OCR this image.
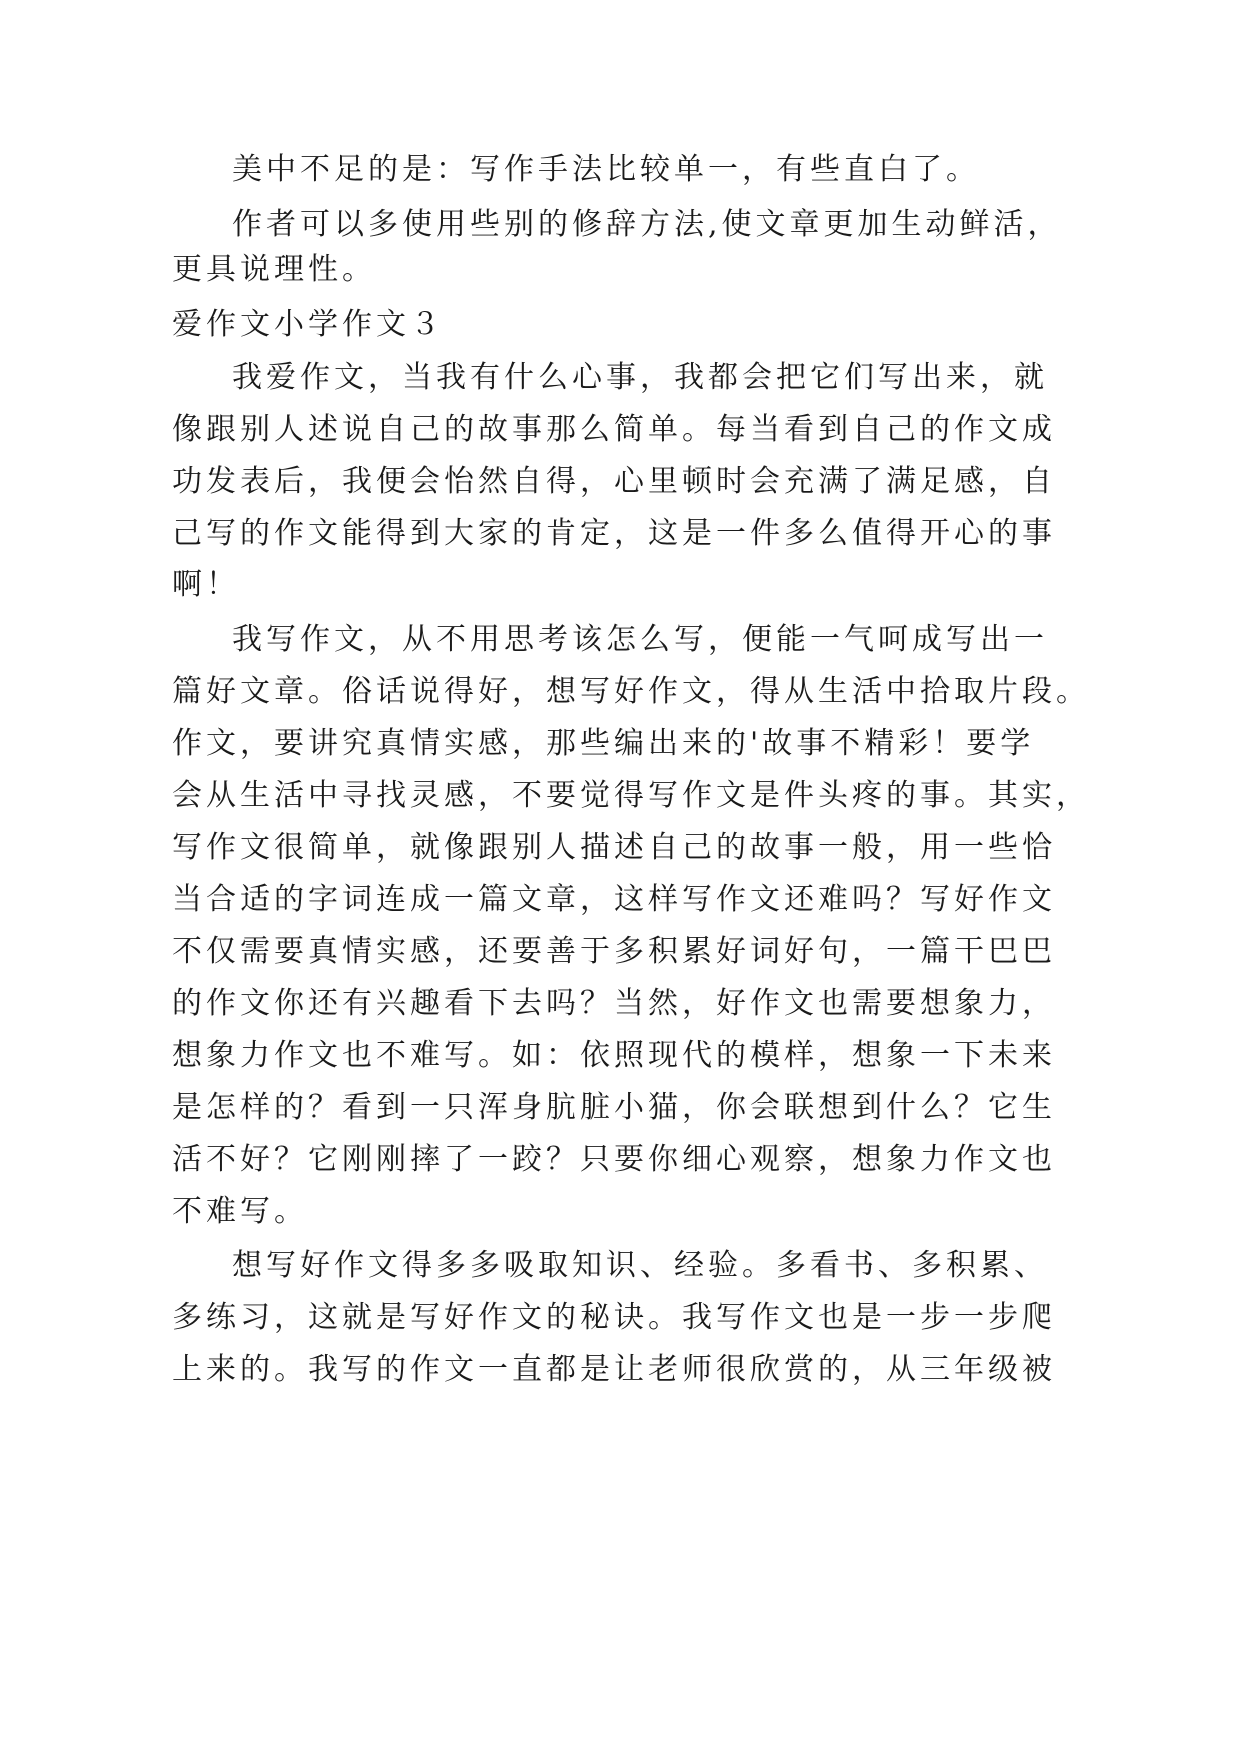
美中不足的是：写作手法比较单一，有些直白了。
作者可以多使用些别的修辞方法,使文章更加生动鲜活，
更具说理性。
爱作文小学作文３
我爱作文，当我有什么心事，我都会把它们写出来，就
像跟别人述说自己的故事那么简单。每当看到自己的作文成
功发表后，我便会怡然自得，心里顿时会充满了满足感，自
己写的作文能得到大家的肯定，这是一件多么值得开心的事
啊！
我写作文，从不用思考该怎么写，便能一气呵成写出一
篇好文章。俗话说得好，想写好作文，得从生活中拾取片段。
作文，要讲究真情实感，那些编出来的'故事不精彩！要学
会从生活中寻找灵感，不要觉得写作文是件头疼的事。其实，
写作文很简单，就像跟别人描述自己的故事一般，用一些恰
当合适的字词连成一篇文章，这样写作文还难吗？写好作文
不仅需要真情实感，还要善于多积累好词好句，一篇干巴巴
的作文你还有兴趣看下去吗？当然，好作文也需要想象力，
想象力作文也不难写。如：依照现代的模样，想象一下未来
是怎样的？看到一只浑身肮脏小猫，你会联想到什么？它生
活不好？它刚刚摔了一跤？只要你细心观察，想象力作文也
不难写。
想写好作文得多多吸取知识、经验。多看书、多积累、
多练习，这就是写好作文的秘诀。我写作文也是一步一步爬
上来的。我写的作文一直都是让老师很欣赏的，从三年级被
